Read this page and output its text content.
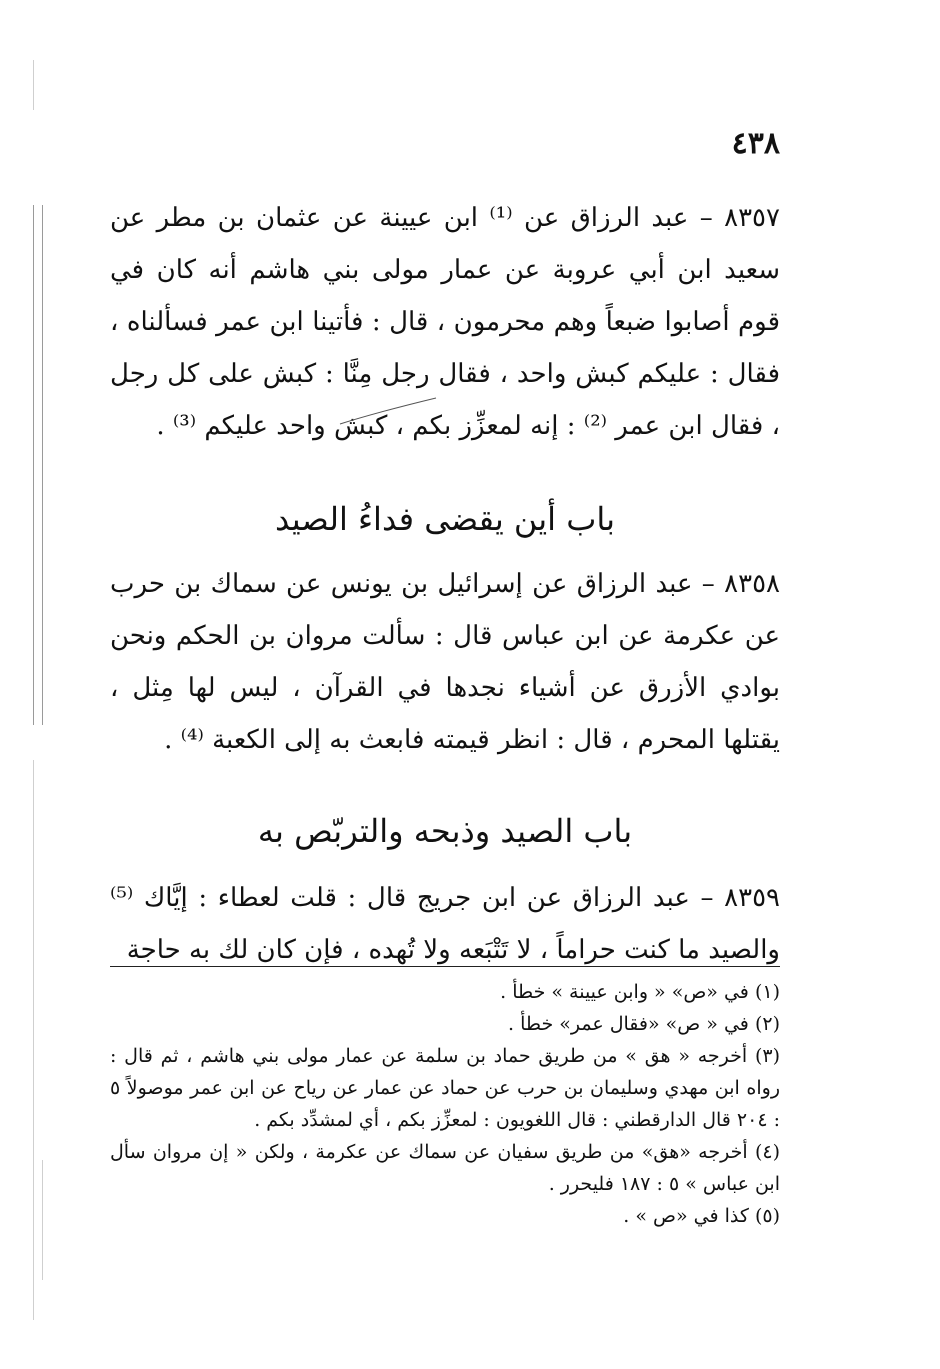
٤٣٨
٨٣٥٧ – عبد الرزاق عن ⁽¹⁾ ابن عيينة عن عثمان بن مطر عن سعيد ابن أبي عروبة عن عمار مولى بني هاشم أنه كان في قوم أصابوا ضبعاً وهم محرمون ، قال : فأتينا ابن عمر فسألناه ، فقال : عليكم كبش واحد ، فقال رجل مِنَّا : كبش على كل رجل ، فقال ابن عمر ⁽²⁾ : إنه لمعزِّز بكم ، كبش واحد عليكم ⁽³⁾ .
باب أين يقضى فداءُ الصيد
٨٣٥٨ – عبد الرزاق عن إسرائيل بن يونس عن سماك بن حرب عن عكرمة عن ابن عباس قال : سألت مروان بن الحكم ونحن بوادي الأزرق عن أشياء نجدها في القرآن ، ليس لها مِثل ، يقتلها المحرم ، قال : انظر قيمته فابعث به إلى الكعبة ⁽⁴⁾ .
باب الصيد وذبحه والتربّص به
٨٣٥٩ – عبد الرزاق عن ابن جريج قال : قلت لعطاء : إيَّاك ⁽⁵⁾ والصيد ما كنت حراماً ، لا تَتْبَعه ولا تُهده ، فإن كان لك به حاجة
(١) في «ص» « وابن عيينة » خطأ .
(٢) في « ص» «فقال عمر» خطأ .
(٣) أخرجه « هق » من طريق حماد بن سلمة عن عمار مولى بني هاشم ، ثم قال : رواه ابن مهدي وسليمان بن حرب عن حماد عن عمار عن رياح عن ابن عمر موصولاً ٥ : ٢٠٤ قال الدارقطني : قال اللغويون : لمعزِّز بكم ، أي لمشدِّد بكم .
(٤) أخرجه «هق» من طريق سفيان عن سماك عن عكرمة ، ولكن « إن مروان سأل ابن عباس » ٥ : ١٨٧ فليحرر .
(٥) كذا في «ص » .
